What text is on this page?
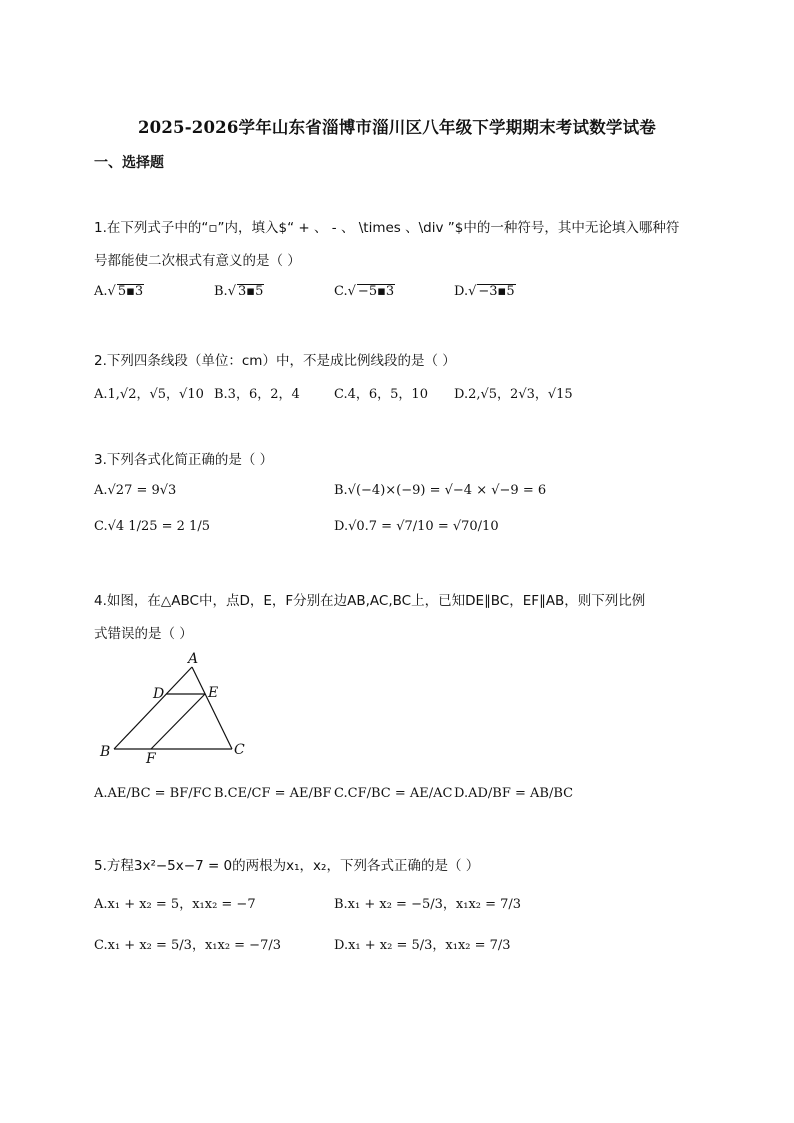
2025-2026学年山东省淄博市淄川区八年级下学期期末考试数学试卷
一、选择题
1.在下列式子中的“▫”内，填入$“ + 、 - 、 \times 、\div ”$中的一种符号，其中无论填入哪种符
号都能使二次根式有意义的是（ ）
A.√ 5▪3	B.√ 3▪5	C.√ −5▪3	D.√ −3▪5
2.下列四条线段（单位：cm）中，不是成比例线段的是（ ）
A.1,√2，√5，√10 B.3，6，2，4	C.4，6，5，10 D.2,√5，2√3，√15
3.下列各式化简正确的是（ ）
A.√27 = 9√3	B.√(−4)×(−9) = √−4 × √−9 = 6
C.√4 1/25 = 2 1/5	D.√0.7 = √7/10 = √70/10
4.如图，在△ABC中，点D，E，F分别在边AB,AC,BC上，已知DE∥BC，EF∥AB，则下列比例
式错误的是（ ）
A
D	E
B	F
C
A.AE/BC = BF/FC B.CE/CF = AE/BF C.CF/BC = AE/AC D.AD/BF = AB/BC
5.方程3x²−5x−7 = 0的两根为x₁，x₂，下列各式正确的是（ ）
A.x₁ + x₂ = 5，x₁x₂ = −7	B.x₁ + x₂ = −5/3，x₁x₂ = 7/3
C.x₁ + x₂ = 5/3，x₁x₂ = −7/3	D.x₁ + x₂ = 5/3，x₁x₂ = 7/3
